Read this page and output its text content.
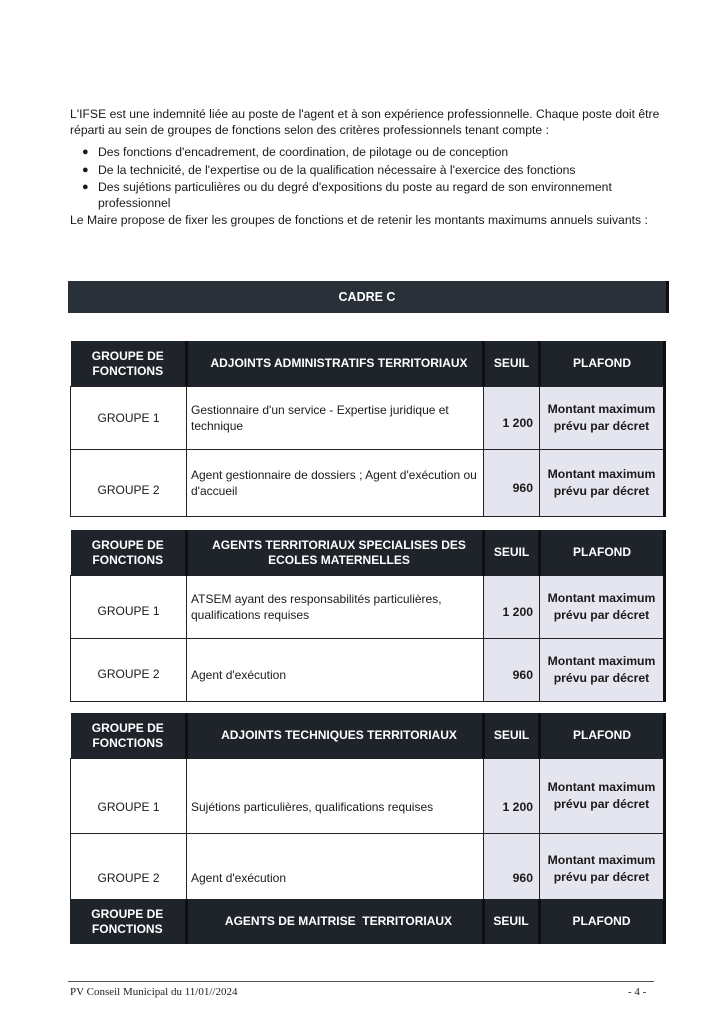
L'IFSE est une indemnité liée au poste de l'agent et à son expérience professionnelle. Chaque poste doit être réparti au sein de groupes de fonctions selon des critères professionnels tenant compte :

● Des fonctions d'encadrement, de coordination, de pilotage ou de conception
● De la technicité, de l'expertise ou de la qualification nécessaire à l'exercice des fonctions
● Des sujétions particulières ou du degré d'expositions du poste au regard de son environnement professionnel

Le Maire propose de fixer les groupes de fonctions et de retenir les montants maximums annuels suivants :

CADRE C
GROUPE DE
FONCTIONS	ADJOINTS ADMINISTRATIFS TERRITORIAUX	SEUIL	PLAFOND
GROUPE 1	Gestionnaire d'un service - Expertise juridique et technique	1 200	Montant maximum
prévu par décret
GROUPE 2	Agent gestionnaire de dossiers ; Agent d'exécution ou d'accueil	960	Montant maximum
prévu par décret
GROUPE DE
FONCTIONS	AGENTS TERRITORIAUX SPECIALISES DES
ECOLES MATERNELLES	SEUIL	PLAFOND
GROUPE 1	ATSEM ayant des responsabilités particulières, qualifications requises	1 200	Montant maximum
prévu par décret
GROUPE 2	Agent d'exécution	960	Montant maximum
prévu par décret
GROUPE DE
FONCTIONS	ADJOINTS TECHNIQUES TERRITORIAUX	SEUIL	PLAFOND
GROUPE 1	Sujétions particulières, qualifications requises	1 200	Montant maximum
prévu par décret
GROUPE 2	Agent d'exécution	960	Montant maximum
prévu par décret
GROUPE DE
FONCTIONS	AGENTS DE MAITRISE  TERRITORIAUX	SEUIL	PLAFOND
PV Conseil Municipal du 11/01//2024	- 4 -
